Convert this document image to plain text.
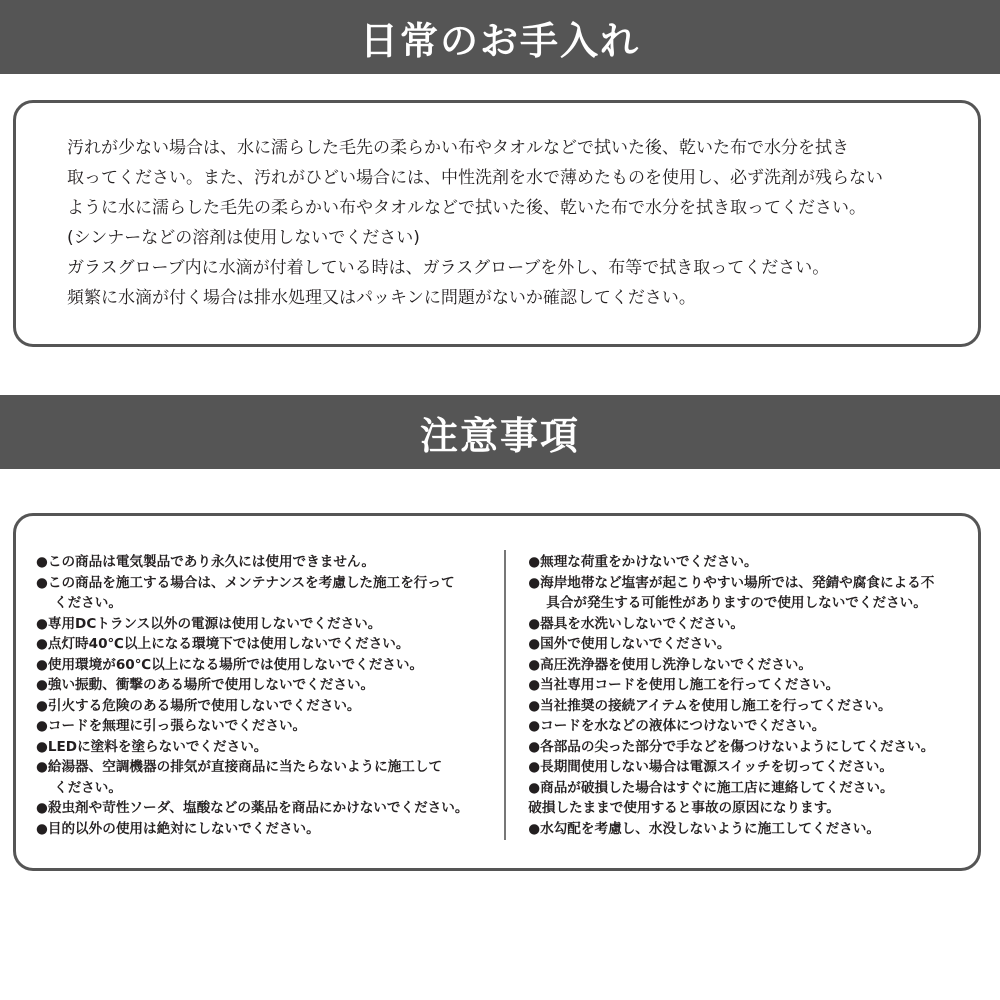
日常のお手入れ
汚れが少ない場合は、水に濡らした毛先の柔らかい布やタオルなどで拭いた後、乾いた布で水分を拭き
取ってください。また、汚れがひどい場合には、中性洗剤を水で薄めたものを使用し、必ず洗剤が残らない
ように水に濡らした毛先の柔らかい布やタオルなどで拭いた後、乾いた布で水分を拭き取ってください。
(シンナーなどの溶剤は使用しないでください)
ガラスグローブ内に水滴が付着している時は、ガラスグローブを外し、布等で拭き取ってください。
頻繁に水滴が付く場合は排水処理又はパッキンに問題がないか確認してください。
注意事項
●この商品は電気製品であり永久には使用できません。
●この商品を施工する場合は、メンテナンスを考慮した施工を行って
ください。
●専用DCトランス以外の電源は使用しないでください。
●点灯時40℃以上になる環境下では使用しないでください。
●使用環境が60℃以上になる場所では使用しないでください。
●強い振動、衝撃のある場所で使用しないでください。
●引火する危険のある場所で使用しないでください。
●コードを無理に引っ張らないでください。
●LEDに塗料を塗らないでください。
●給湯器、空調機器の排気が直接商品に当たらないように施工して
ください。
●殺虫剤や苛性ソーダ、塩酸などの薬品を商品にかけないでください。
●目的以外の使用は絶対にしないでください。
●無理な荷重をかけないでください。
●海岸地帯など塩害が起こりやすい場所では、発錆や腐食による不
具合が発生する可能性がありますので使用しないでください。
●器具を水洗いしないでください。
●国外で使用しないでください。
●高圧洗浄器を使用し洗浄しないでください。
●当社専用コードを使用し施工を行ってください。
●当社推奨の接続アイテムを使用し施工を行ってください。
●コードを水などの液体につけないでください。
●各部品の尖った部分で手などを傷つけないようにしてください。
●長期間使用しない場合は電源スイッチを切ってください。
●商品が破損した場合はすぐに施工店に連絡してください。
破損したままで使用すると事故の原因になります。
●水勾配を考慮し、水没しないように施工してください。
